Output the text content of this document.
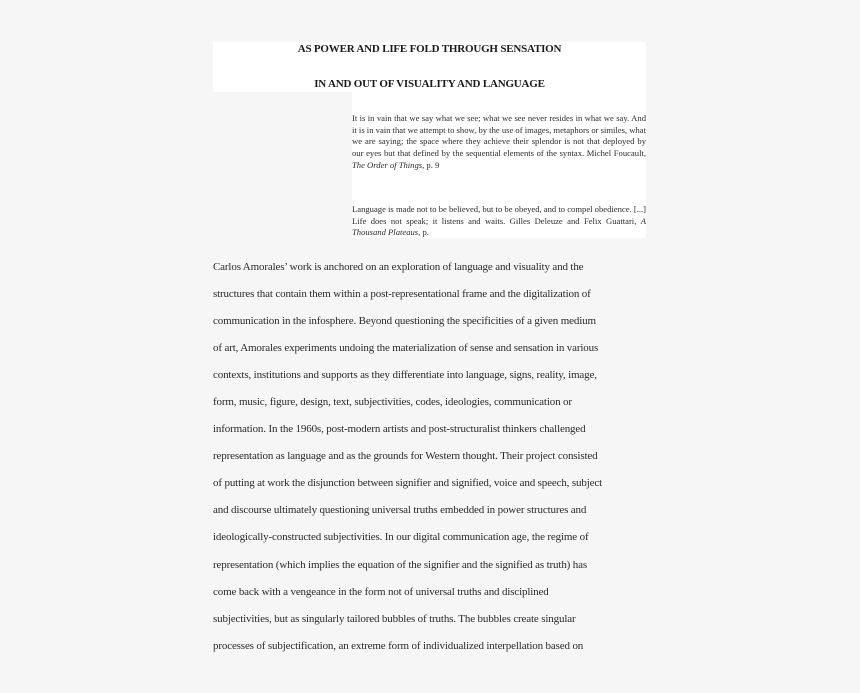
AS POWER AND LIFE FOLD THROUGH SENSATION
IN AND OUT OF VISUALITY AND LANGUAGE
It is in vain that we say what we see; what we see never resides in what we say. And it is in vain that we attempt to show, by the use of images, metaphors or similes, what we are saying; the space where they achieve their splendor is not that deployed by our eyes but that defined by the sequential elements of the syntax. Michel Foucault, The Order of Things, p. 9
Language is made not to be believed, but to be obeyed, and to compel obedience. [...] Life does not speak; it listens and waits. Gilles Deleuze and Felix Guattari, A Thousand Plateaus, p.
Carlos Amorales’ work is anchored on an exploration of language and visuality and the
structures that contain them within a post-representational frame and the digitalization of
communication in the infosphere. Beyond questioning the specificities of a given medium
of art, Amorales experiments undoing the materialization of sense and sensation in various
contexts, institutions and supports as they differentiate into language, signs, reality, image,
form, music, figure, design, text, subjectivities, codes, ideologies, communication or
information. In the 1960s, post-modern artists and post-structuralist thinkers challenged
representation as language and as the grounds for Western thought. Their project consisted
of putting at work the disjunction between signifier and signified, voice and speech, subject
and discourse ultimately questioning universal truths embedded in power structures and
ideologically-constructed subjectivities. In our digital communication age, the regime of
representation (which implies the equation of the signifier and the signified as truth) has
come back with a vengeance in the form not of universal truths and disciplined
subjectivities, but as singularly tailored bubbles of truths. The bubbles create singular
processes of subjectification, an extreme form of individualized interpellation based on
